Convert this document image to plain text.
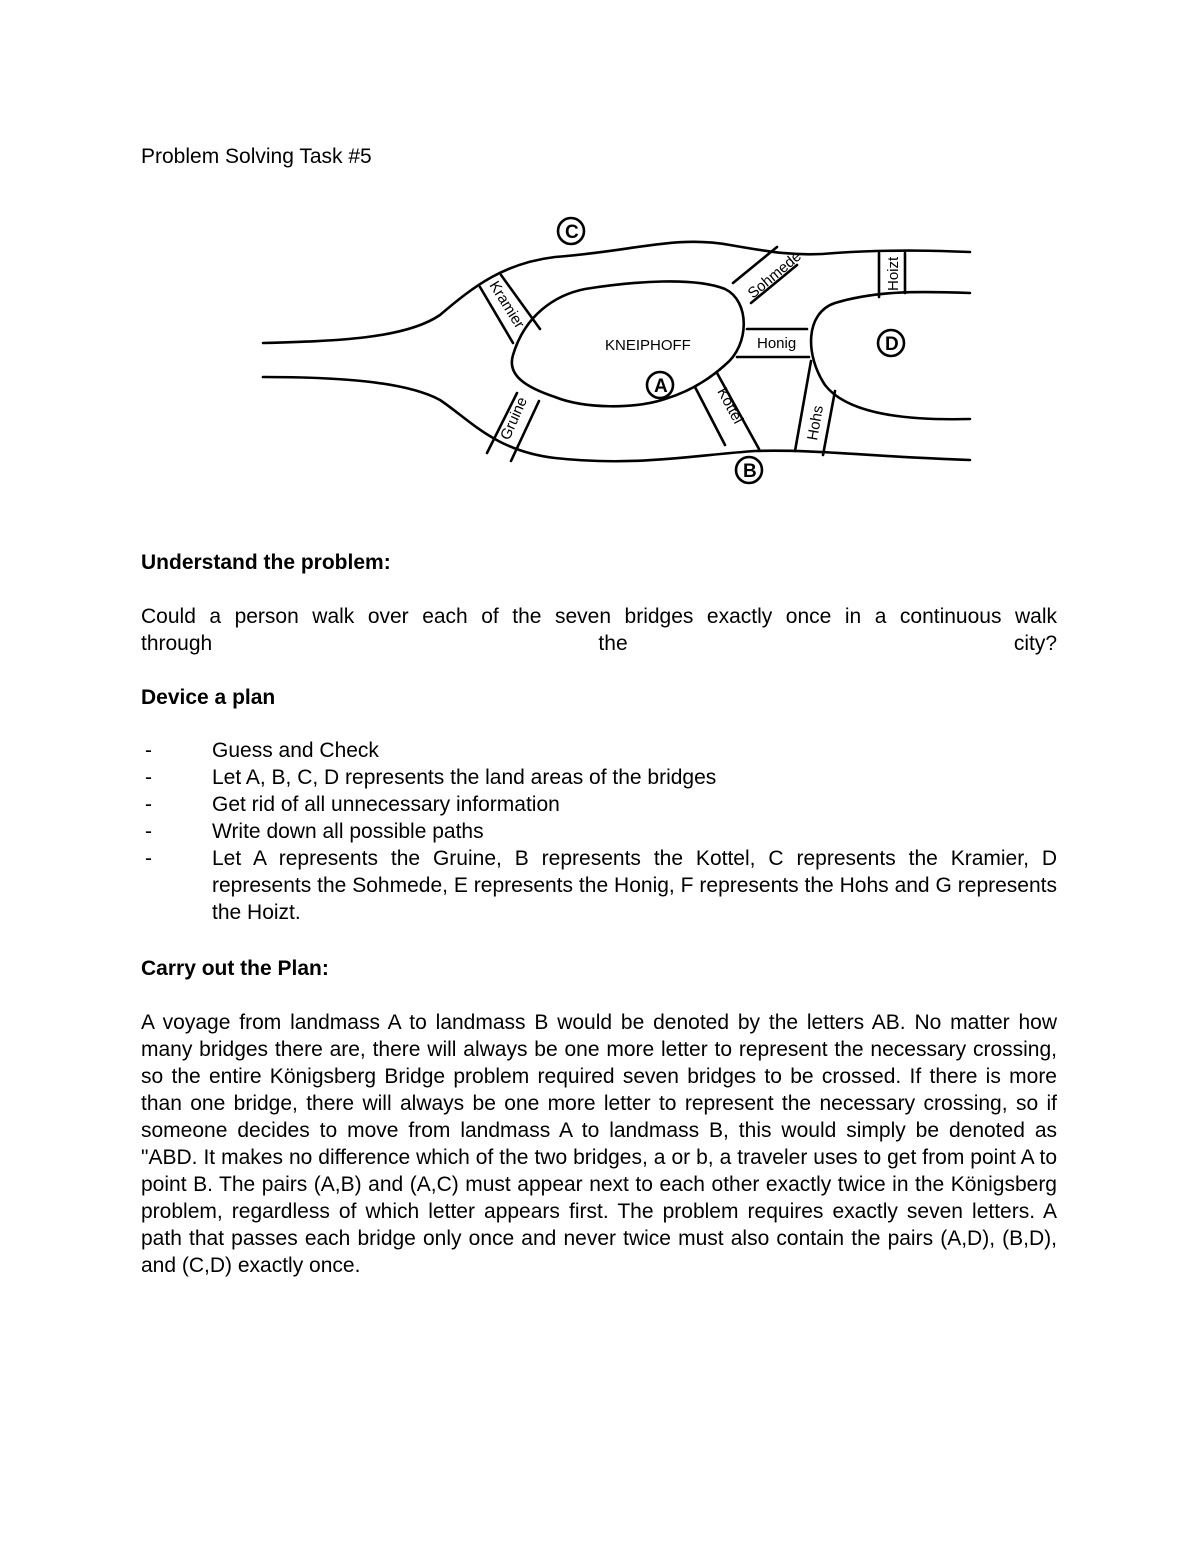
Problem Solving Task #5
KNEIPHOFF
C
A
B
D
Kramier
Gruine
Sohmede
Kottel
Honig
Hohs
Hoizt
Understand the problem:
Could a person walk over each of the seven bridges exactly once in a continuous walk
through the city?
Device a plan
-	Guess and Check
-	Let A, B, C, D represents the land areas of the bridges
-	Get rid of all unnecessary information
-	Write down all possible paths
-	Let A represents the Gruine, B represents the Kottel, C represents the Kramier, D represents the Sohmede, E represents the Honig, F represents the Hohs and G represents the Hoizt.
Carry out the Plan:
A voyage from landmass A to landmass B would be denoted by the letters AB. No matter how many bridges there are, there will always be one more letter to represent the necessary crossing, so the entire Königsberg Bridge problem required seven bridges to be crossed. If there is more than one bridge, there will always be one more letter to represent the necessary crossing, so if someone decides to move from landmass A to landmass B, this would simply be denoted as "ABD. It makes no difference which of the two bridges, a or b, a traveler uses to get from point A to point B. The pairs (A,B) and (A,C) must appear next to each other exactly twice in the Königsberg problem, regardless of which letter appears first. The problem requires exactly seven letters. A path that passes each bridge only once and never twice must also contain the pairs (A,D), (B,D), and (C,D) exactly once.
